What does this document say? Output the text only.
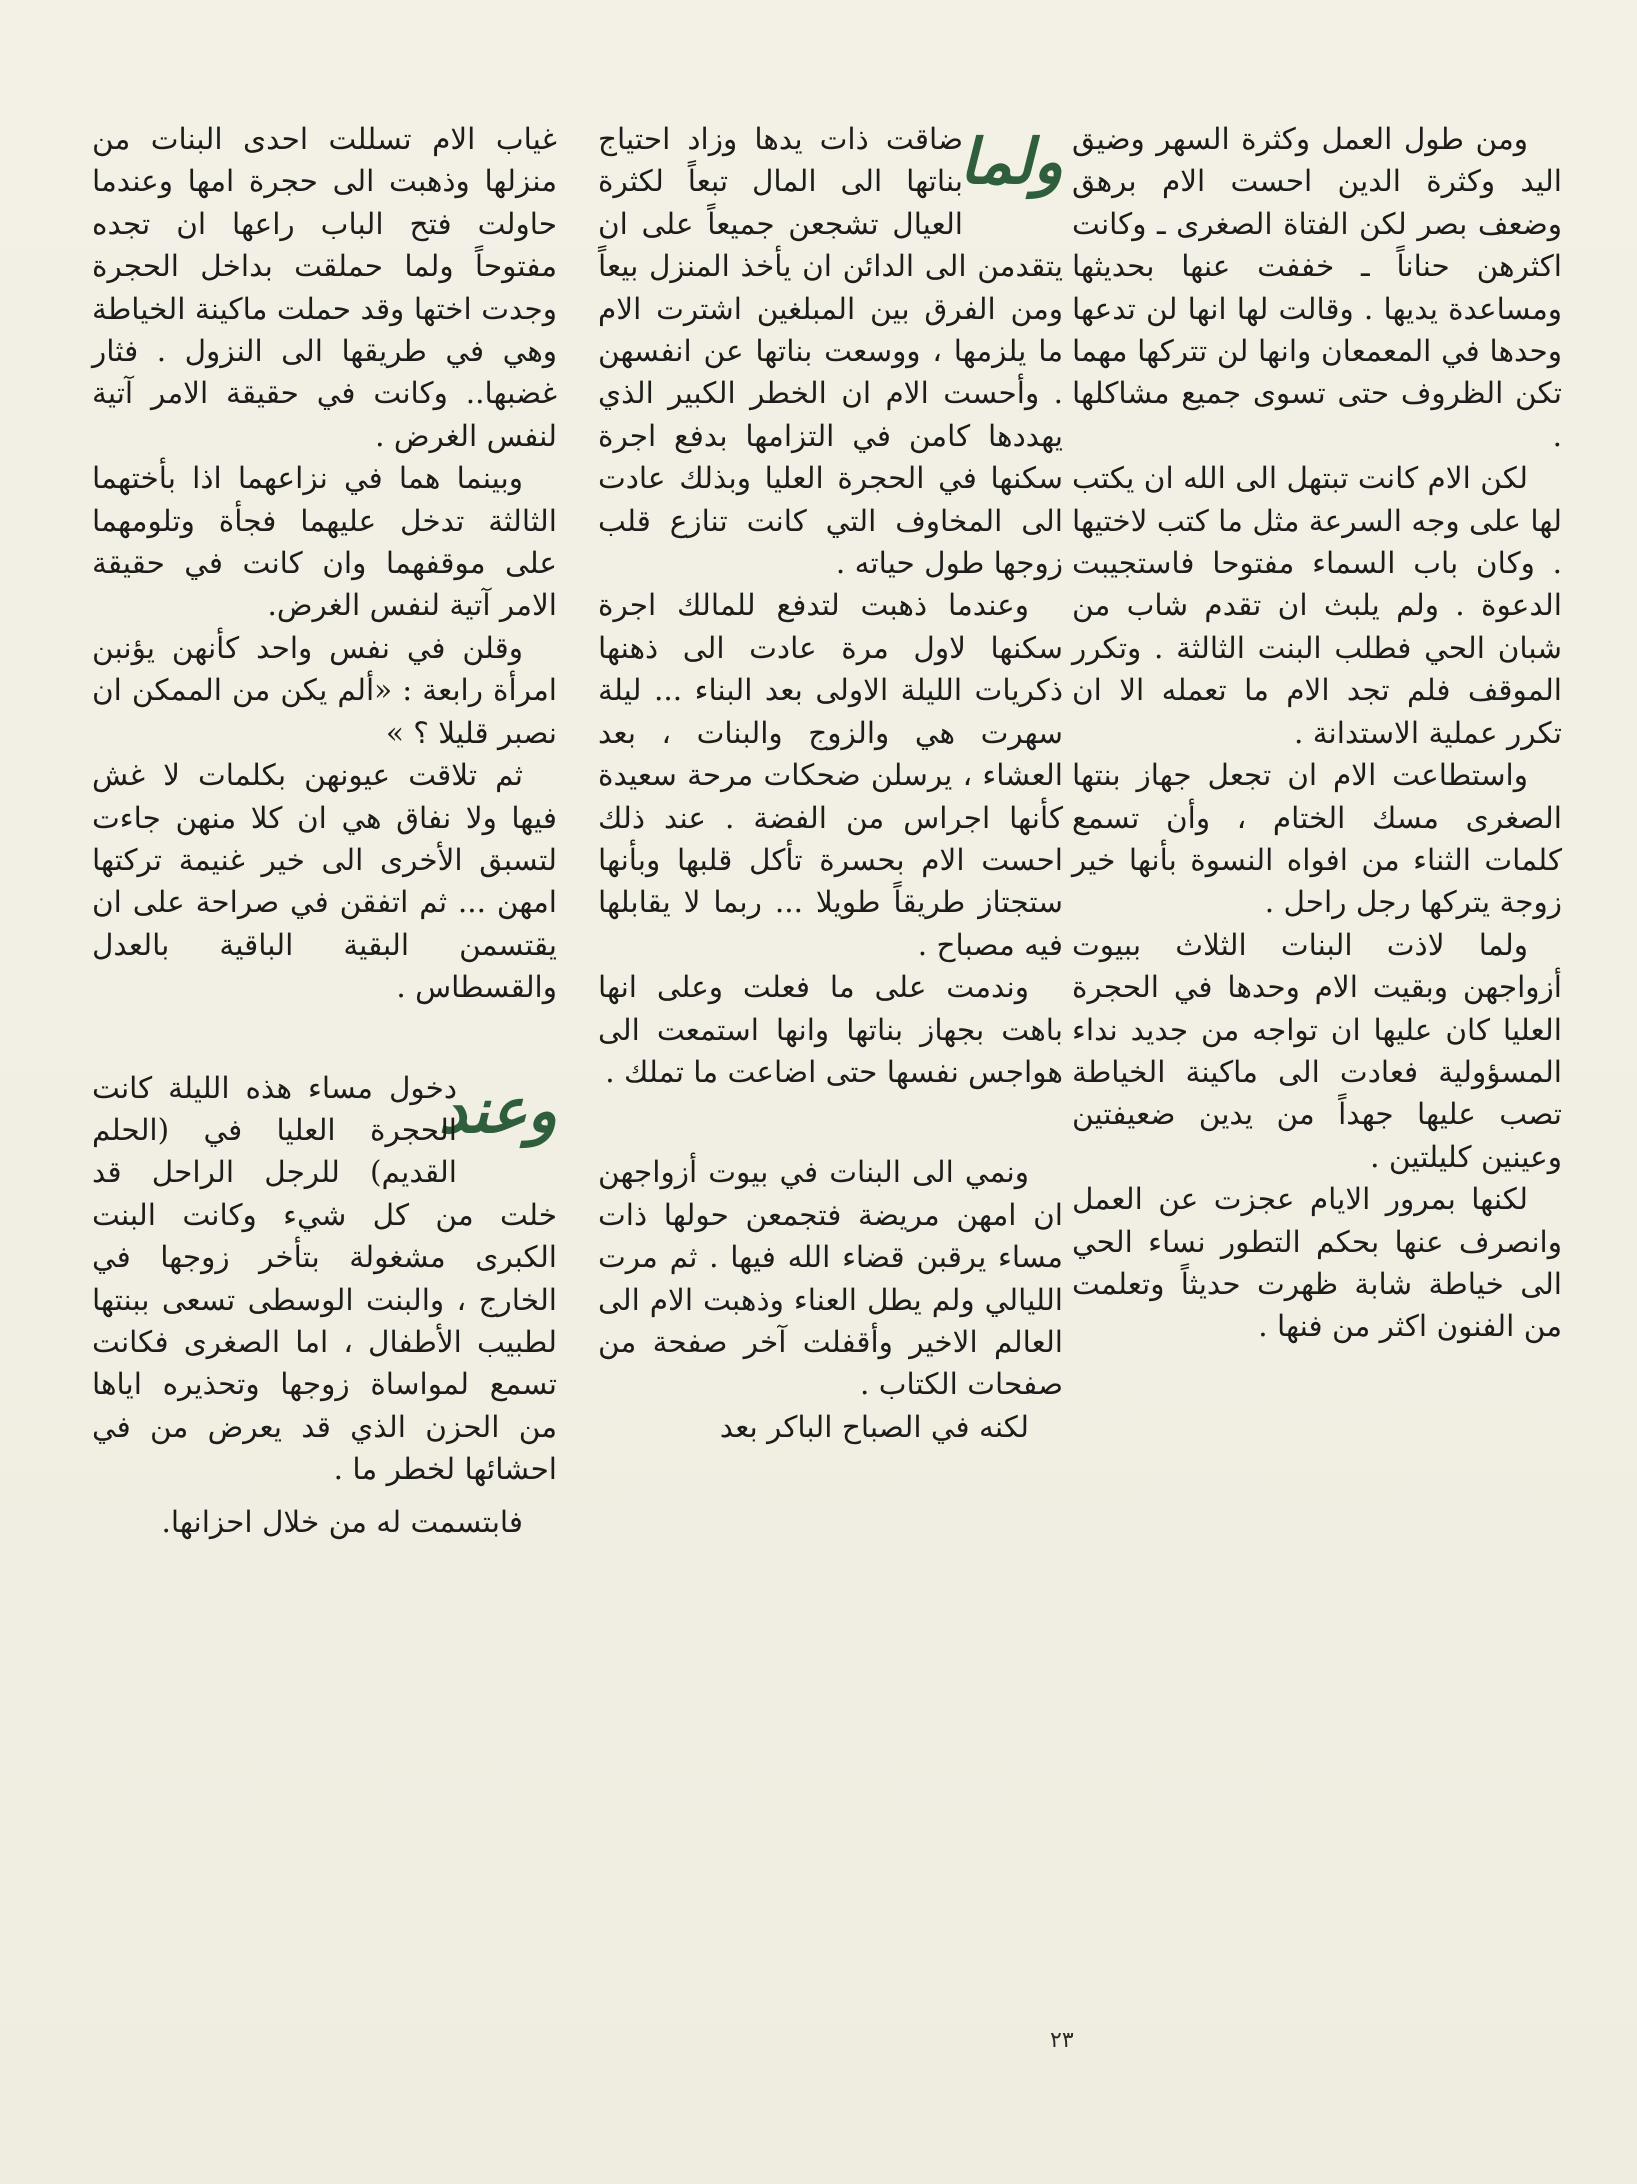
ومن طول العمل وكثرة السهر وضيق اليد وكثرة الدين احست الام برهق وضعف بصر لكن الفتاة الصغرى ـ وكانت اكثرهن حناناً ـ خففت عنها بحديثها ومساعدة يديها . وقالت لها انها لن تدعها وحدها في المعمعان وانها لن تتركها مهما تكن الظروف حتى تسوى جميع مشاكلها .

لكن الام كانت تبتهل الى الله ان يكتب لها على وجه السرعة مثل ما كتب لاختيها . وكان باب السماء مفتوحا فاستجيبت الدعوة . ولم يلبث ان تقدم شاب من شبان الحي فطلب البنت الثالثة . وتكرر الموقف فلم تجد الام ما تعمله الا ان تكرر عملية الاستدانة .

واستطاعت الام ان تجعل جهاز بنتها الصغرى مسك الختام ، وأن تسمع كلمات الثناء من افواه النسوة بأنها خير زوجة يتركها رجل راحل .

ولما لاذت البنات الثلاث ببيوت أزواجهن وبقيت الام وحدها في الحجرة العليا كان عليها ان تواجه من جديد نداء المسؤولية فعادت الى ماكينة الخياطة تصب عليها جهداً من يدين ضعيفتين وعينين كليلتين .

لكنها بمرور الايام عجزت عن العمل وانصرف عنها بحكم التطور نساء الحي الى خياطة شابة ظهرت حديثاً وتعلمت من الفنون اكثر من فنها .

ولما

ضاقت ذات يدها وزاد احتياج بناتها الى المال تبعاً لكثرة العيال تشجعن جميعاً على ان يتقدمن الى الدائن ان يأخذ المنزل بيعاً ومن الفرق بين المبلغين اشترت الام ما يلزمها ، ووسعت بناتها عن انفسهن . وأحست الام ان الخطر الكبير الذي يهددها كامن في التزامها بدفع اجرة سكنها في الحجرة العليا وبذلك عادت الى المخاوف التي كانت تنازع قلب زوجها طول حياته .

وعندما ذهبت لتدفع للمالك اجرة سكنها لاول مرة عادت الى ذهنها ذكريات الليلة الاولى بعد البناء ... ليلة سهرت هي والزوج والبنات ، بعد العشاء ، يرسلن ضحكات مرحة سعيدة كأنها اجراس من الفضة . عند ذلك احست الام بحسرة تأكل قلبها وبأنها ستجتاز طريقاً طويلا ... ربما لا يقابلها فيه مصباح .

وندمت على ما فعلت وعلى انها باهت بجهاز بناتها وانها استمعت الى هواجس نفسها حتى اضاعت ما تملك .

ونمي الى البنات في بيوت أزواجهن ان امهن مريضة فتجمعن حولها ذات مساء يرقبن قضاء الله فيها . ثم مرت الليالي ولم يطل العناء وذهبت الام الى العالم الاخير وأقفلت آخر صفحة من صفحات الكتاب .

لكنه في الصباح الباكر بعد

غياب الام تسللت احدى البنات من منزلها وذهبت الى حجرة امها وعندما حاولت فتح الباب راعها ان تجده مفتوحاً ولما حملقت بداخل الحجرة وجدت اختها وقد حملت ماكينة الخياطة وهي في طريقها الى النزول . فثار غضبها.. وكانت في حقيقة الامر آتية لنفس الغرض .

وبينما هما في نزاعهما اذا بأختهما الثالثة تدخل عليهما فجأة وتلومهما على موقفهما وان كانت في حقيقة الامر آتية لنفس الغرض.

وقلن في نفس واحد كأنهن يؤنبن امرأة رابعة : «ألم يكن من الممكن ان نصبر قليلا ؟ »

ثم تلاقت عيونهن بكلمات لا غش فيها ولا نفاق هي ان كلا منهن جاءت لتسبق الأخرى الى خير غنيمة تركتها امهن ... ثم اتفقن في صراحة على ان يقتسمن البقية الباقية بالعدل والقسطاس .

وعند

دخول مساء هذه الليلة كانت الحجرة العليا في (الحلم القديم) للرجل الراحل قد خلت من كل شيء وكانت البنت الكبرى مشغولة بتأخر زوجها في الخارج ، والبنت الوسطى تسعى ببنتها لطبيب الأطفال ، اما الصغرى فكانت تسمع لمواساة زوجها وتحذيره اياها من الحزن الذي قد يعرض من في احشائها لخطر ما .

فابتسمت له من خلال احزانها.

٢٣
